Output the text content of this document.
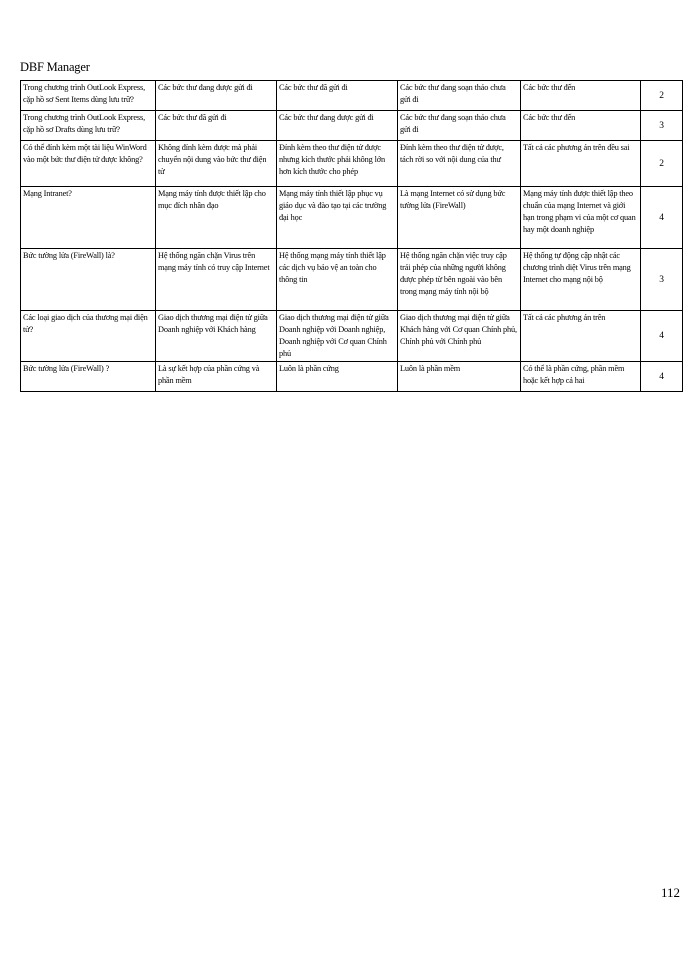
DBF Manager
Trong chương trình OutLook Express, cặp hồ sơ Sent Items dùng lưu trữ?	Các bức thư đang được gửi đi	Các bức thư đã gửi đi	Các bức thư đang soạn thảo chưa gửi đi	Các bức thư đến	2
Trong chương trình OutLook Express, cặp hồ sơ Drafts dùng lưu trữ?	Các bức thư đã gửi đi	Các bức thư đang được gửi đi	Các bức thư đang soạn thảo chưa gửi đi	Các bức thư đến	3
Có thể đính kèm một tài liệu WinWord vào một bức thư điện tử được không?	Không đính kèm được mà phải chuyển nội dung vào bức thư điện tử	Đính kèm theo thư điện tử được nhưng kích thước phải không lớn hơn kích thước cho phép	Đính kèm theo thư điện tử được, tách rời so với nội dung của thư	Tất cả các phương án trên đều sai	2
Mạng Intranet?	Mạng máy tính được thiết lập cho mục đích nhân đạo	Mạng máy tính thiết lập phục vụ giáo dục và đào tạo tại các trường đại học	Là mạng Internet có sử dụng bức tường lửa (FireWall)	Mạng máy tính được thiết lập theo chuẩn của mạng Internet và giới hạn trong phạm vi của một cơ quan hay một doanh nghiệp	4
Bức tường lửa (FireWall) là?	Hệ thống ngăn chặn Virus trên mạng máy tính có truy cập Internet	Hệ thống mạng máy tính thiết lập các dịch vụ bảo vệ an toàn cho thông tin	Hệ thống ngăn chặn việc truy cập trái phép của những người không được phép từ bên ngoài vào bên trong mạng máy tính nội bộ	Hệ thống tự động cập nhật các chương trình diệt Virus trên mạng Internet cho mạng nội bộ	3
Các loại giao dịch của thương mại điện tử?	Giao dịch thương mại điện tử giữa Doanh nghiệp với Khách hàng	Giao dịch thương mại điện tử giữa Doanh nghiệp với Doanh nghiệp, Doanh nghiệp với Cơ quan Chính phủ	Giao dịch thương mại điện tử giữa Khách hàng với Cơ quan Chính phủ, Chính phủ với Chính phủ	Tất cả các phương án trên	4
Bức tường lửa (FireWall) ?	Là sự kết hợp của phần cứng và phần mềm	Luôn là phần cứng	Luôn là phần mềm	Có thể là phần cứng, phần mềm hoặc kết hợp cả hai	4
112
